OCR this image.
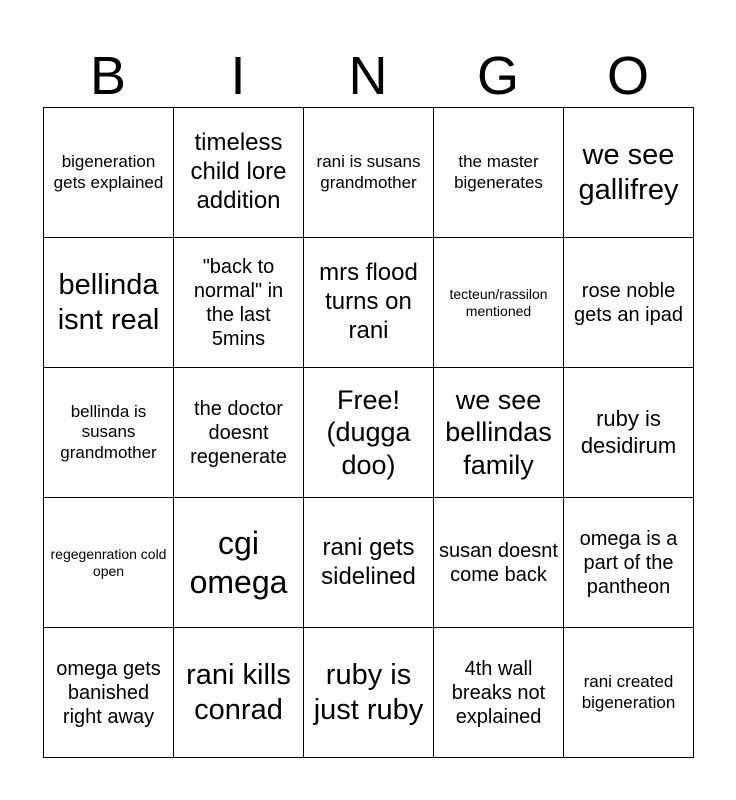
B	I	N	G	O
bigeneration gets explained	timeless child lore addition	rani is susans grandmother	the master bigenerates	we see gallifrey
bellinda isnt real	"back to normal" in the last 5mins	mrs flood turns on rani	tecteun/rassilon mentioned	rose noble gets an ipad
bellinda is susans grandmother	the doctor doesnt regenerate	Free! (dugga doo)	we see bellindas family	ruby is desidirum
regegenration cold open	cgi omega	rani gets sidelined	susan doesnt come back	omega is a part of the pantheon
omega gets banished right away	rani kills conrad	ruby is just ruby	4th wall breaks not explained	rani created bigeneration
